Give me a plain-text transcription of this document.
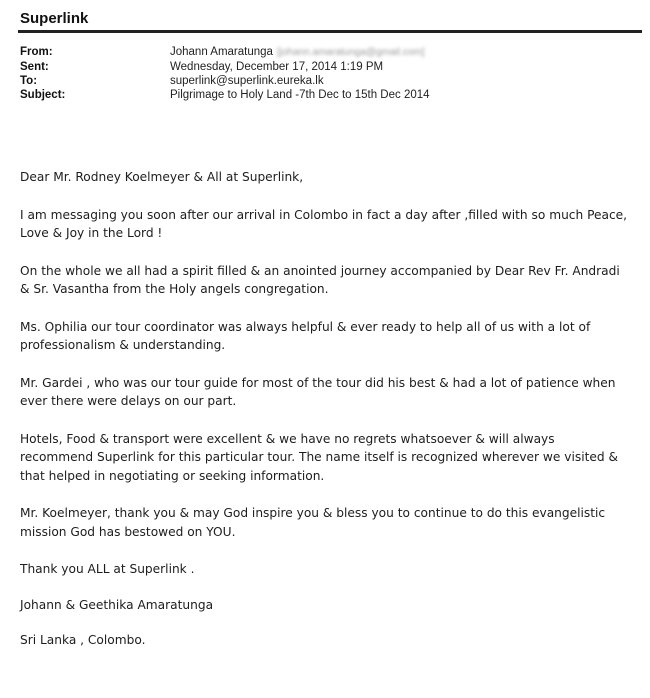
Superlink
From:	Johann Amaratunga [johann.amaratunga@gmail.com]
Sent:	Wednesday, December 17, 2014 1:19 PM
To:	superlink@superlink.eureka.lk
Subject:	Pilgrimage to Holy Land -7th Dec to 15th Dec 2014

Dear Mr. Rodney Koelmeyer & All at Superlink,

I am messaging you soon after our arrival in Colombo in fact a day after ,filled with so much Peace, Love & Joy in the Lord !

On the whole we all had a spirit filled & an anointed journey accompanied by Dear Rev Fr. Andradi & Sr. Vasantha from the Holy angels congregation.

Ms. Ophilia our tour coordinator was always helpful & ever ready to help all of us with a lot of professionalism & understanding.

Mr. Gardei , who was our tour guide for most of the tour did his best & had a lot of patience when ever there were delays on our part.

Hotels, Food & transport were excellent & we have no regrets whatsoever & will always recommend Superlink for this particular tour. The name itself is recognized wherever we visited & that helped in negotiating or seeking information.

Mr. Koelmeyer, thank you & may God inspire you & bless you to continue to do this evangelistic mission God has bestowed on YOU.

Thank you ALL at Superlink .

Johann & Geethika Amaratunga

Sri Lanka , Colombo.
